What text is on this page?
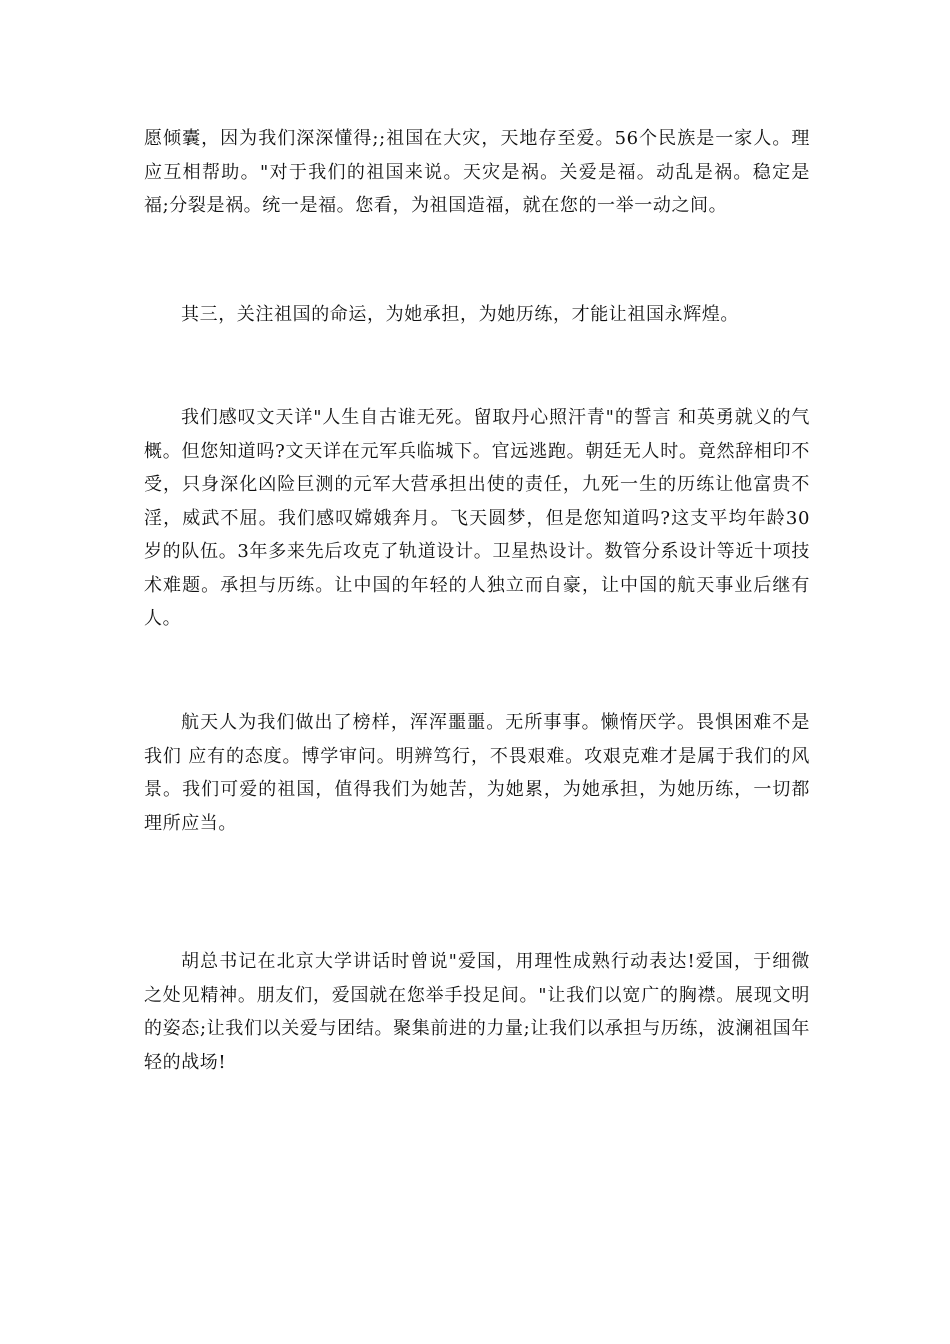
愿倾囊，因为我们深深懂得;;祖国在大灾，天地存至爱。56个民族是一家人。理应互相帮助。"对于我们的祖国来说。天灾是祸。关爱是福。动乱是祸。稳定是福;分裂是祸。统一是福。您看，为祖国造福，就在您的一举一动之间。

其三，关注祖国的命运，为她承担，为她历练，才能让祖国永辉煌。

我们感叹文天详"人生自古谁无死。留取丹心照汗青"的誓言 和英勇就义的气概。但您知道吗?文天详在元军兵临城下。官远逃跑。朝廷无人时。竟然辞相印不受，只身深化凶险巨测的元军大营承担出使的责任，九死一生的历练让他富贵不淫，威武不屈。我们感叹嫦娥奔月。飞天圆梦，但是您知道吗?这支平均年龄30岁的队伍。3年多来先后攻克了轨道设计。卫星热设计。数管分系设计等近十项技术难题。承担与历练。让中国的年轻的人独立而自豪，让中国的航天事业后继有人。

航天人为我们做出了榜样，浑浑噩噩。无所事事。懒惰厌学。畏惧困难不是我们 应有的态度。博学审问。明辨笃行，不畏艰难。攻艰克难才是属于我们的风景。我们可爱的祖国，值得我们为她苦，为她累，为她承担，为她历练，一切都理所应当。

胡总书记在北京大学讲话时曾说"爱国，用理性成熟行动表达!爱国，于细微之处见精神。朋友们，爱国就在您举手投足间。"让我们以宽广的胸襟。展现文明的姿态;让我们以关爱与团结。聚集前进的力量;让我们以承担与历练，波澜祖国年轻的战场!
